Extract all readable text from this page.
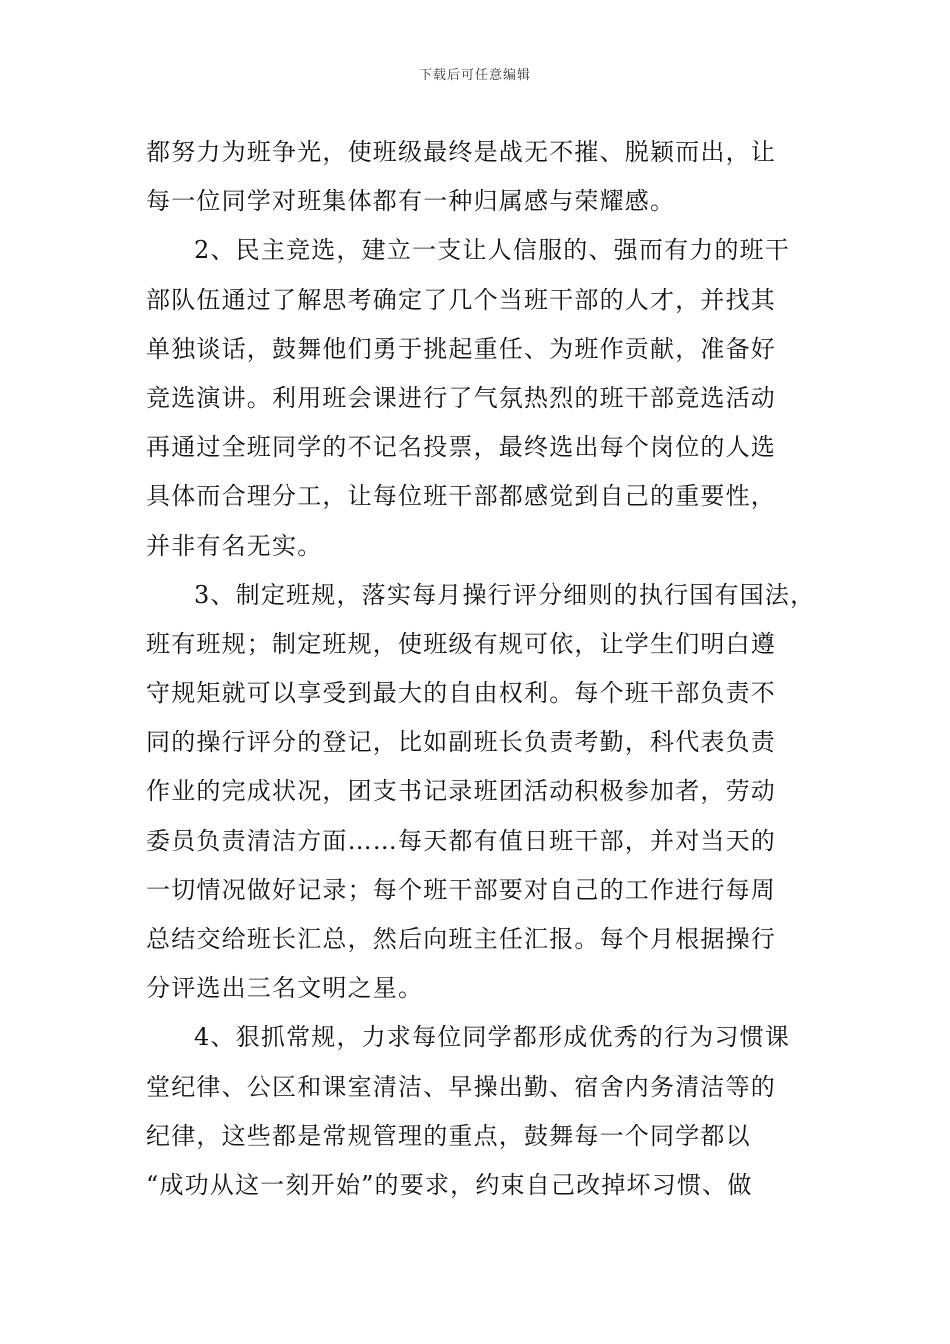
下载后可任意编辑
都努力为班争光，使班级最终是战无不摧、脱颖而出，让
每一位同学对班集体都有一种归属感与荣耀感。
2、民主竞选，建立一支让人信服的、强而有力的班干
部队伍通过了解思考确定了几个当班干部的人才，并找其
单独谈话，鼓舞他们勇于挑起重任、为班作贡献，准备好
竞选演讲。利用班会课进行了气氛热烈的班干部竞选活动
再通过全班同学的不记名投票，最终选出每个岗位的人选
具体而合理分工，让每位班干部都感觉到自己的重要性，
并非有名无实。
3、制定班规，落实每月操行评分细则的执行国有国法，
班有班规；制定班规，使班级有规可依，让学生们明白遵
守规矩就可以享受到最大的自由权利。每个班干部负责不
同的操行评分的登记，比如副班长负责考勤，科代表负责
作业的完成状况，团支书记录班团活动积极参加者，劳动
委员负责清洁方面……每天都有值日班干部，并对当天的
一切情况做好记录；每个班干部要对自己的工作进行每周
总结交给班长汇总，然后向班主任汇报。每个月根据操行
分评选出三名文明之星。
4、狠抓常规，力求每位同学都形成优秀的行为习惯课
堂纪律、公区和课室清洁、早操出勤、宿舍内务清洁等的
纪律，这些都是常规管理的重点，鼓舞每一个同学都以
“成功从这一刻开始”的要求，约束自己改掉坏习惯、做
